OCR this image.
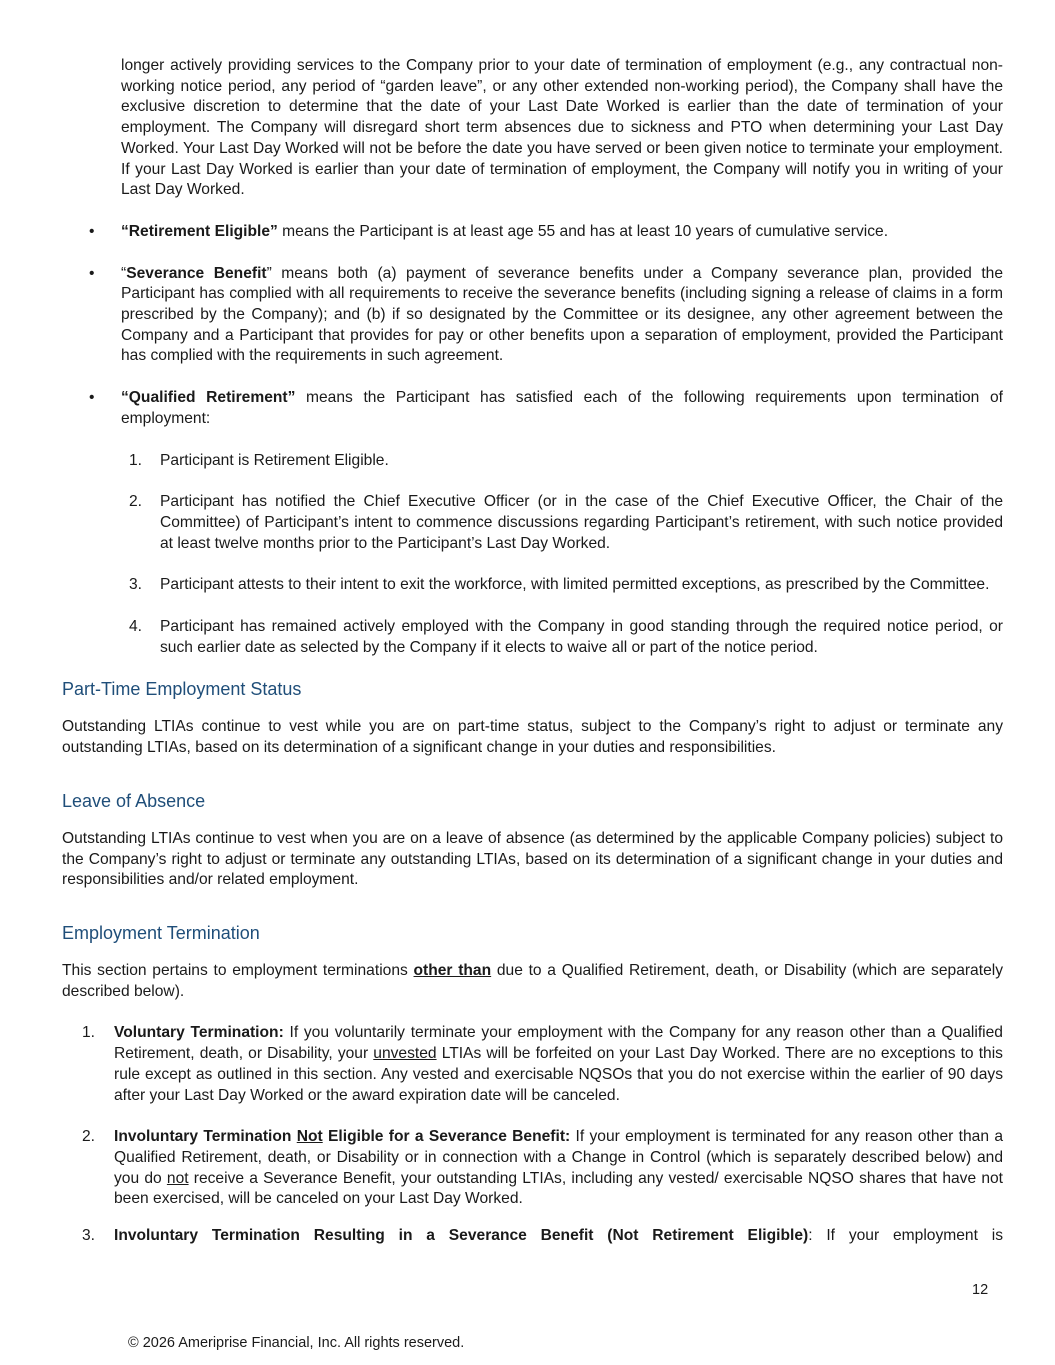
longer actively providing services to the Company prior to your date of termination of employment (e.g., any contractual non-working notice period, any period of “garden leave”, or any other extended non-working period), the Company shall have the exclusive discretion to determine that the date of your Last Date Worked is earlier than the date of termination of your employment. The Company will disregard short term absences due to sickness and PTO when determining your Last Day Worked. Your Last Day Worked will not be before the date you have served or been given notice to terminate your employment. If your Last Day Worked is earlier than your date of termination of employment, the Company will notify you in writing of your Last Day Worked.

• “Retirement Eligible” means the Participant is at least age 55 and has at least 10 years of cumulative service.
• “Severance Benefit” means both (a) payment of severance benefits under a Company severance plan, provided the Participant has complied with all requirements to receive the severance benefits (including signing a release of claims in a form prescribed by the Company); and (b) if so designated by the Committee or its designee, any other agreement between the Company and a Participant that provides for pay or other benefits upon a separation of employment, provided the Participant has complied with the requirements in such agreement.
• “Qualified Retirement” means the Participant has satisfied each of the following requirements upon termination of employment:
1. Participant is Retirement Eligible.
2. Participant has notified the Chief Executive Officer (or in the case of the Chief Executive Officer, the Chair of the Committee) of Participant’s intent to commence discussions regarding Participant’s retirement, with such notice provided at least twelve months prior to the Participant’s Last Day Worked.
3. Participant attests to their intent to exit the workforce, with limited permitted exceptions, as prescribed by the Committee.
4. Participant has remained actively employed with the Company in good standing through the required notice period, or such earlier date as selected by the Company if it elects to waive all or part of the notice period.
Part-Time Employment Status

Outstanding LTIAs continue to vest while you are on part-time status, subject to the Company’s right to adjust or terminate any outstanding LTIAs, based on its determination of a significant change in your duties and responsibilities.

Leave of Absence

Outstanding LTIAs continue to vest when you are on a leave of absence (as determined by the applicable Company policies) subject to the Company’s right to adjust or terminate any outstanding LTIAs, based on its determination of a significant change in your duties and responsibilities and/or related employment.

Employment Termination

This section pertains to employment terminations other than due to a Qualified Retirement, death, or Disability (which are separately described below).

1. Voluntary Termination: If you voluntarily terminate your employment with the Company for any reason other than a Qualified Retirement, death, or Disability, your unvested LTIAs will be forfeited on your Last Day Worked. There are no exceptions to this rule except as outlined in this section. Any vested and exercisable NQSOs that you do not exercise within the earlier of 90 days after your Last Day Worked or the award expiration date will be canceled.
2. Involuntary Termination Not Eligible for a Severance Benefit: If your employment is terminated for any reason other than a Qualified Retirement, death, or Disability or in connection with a Change in Control (which is separately described below) and you do not receive a Severance Benefit, your outstanding LTIAs, including any vested/ exercisable NQSO shares that have not been exercised, will be canceled on your Last Day Worked.
3. Involuntary Termination Resulting in a Severance Benefit (Not Retirement Eligible): If your employment is
12
© 2026 Ameriprise Financial, Inc. All rights reserved.
